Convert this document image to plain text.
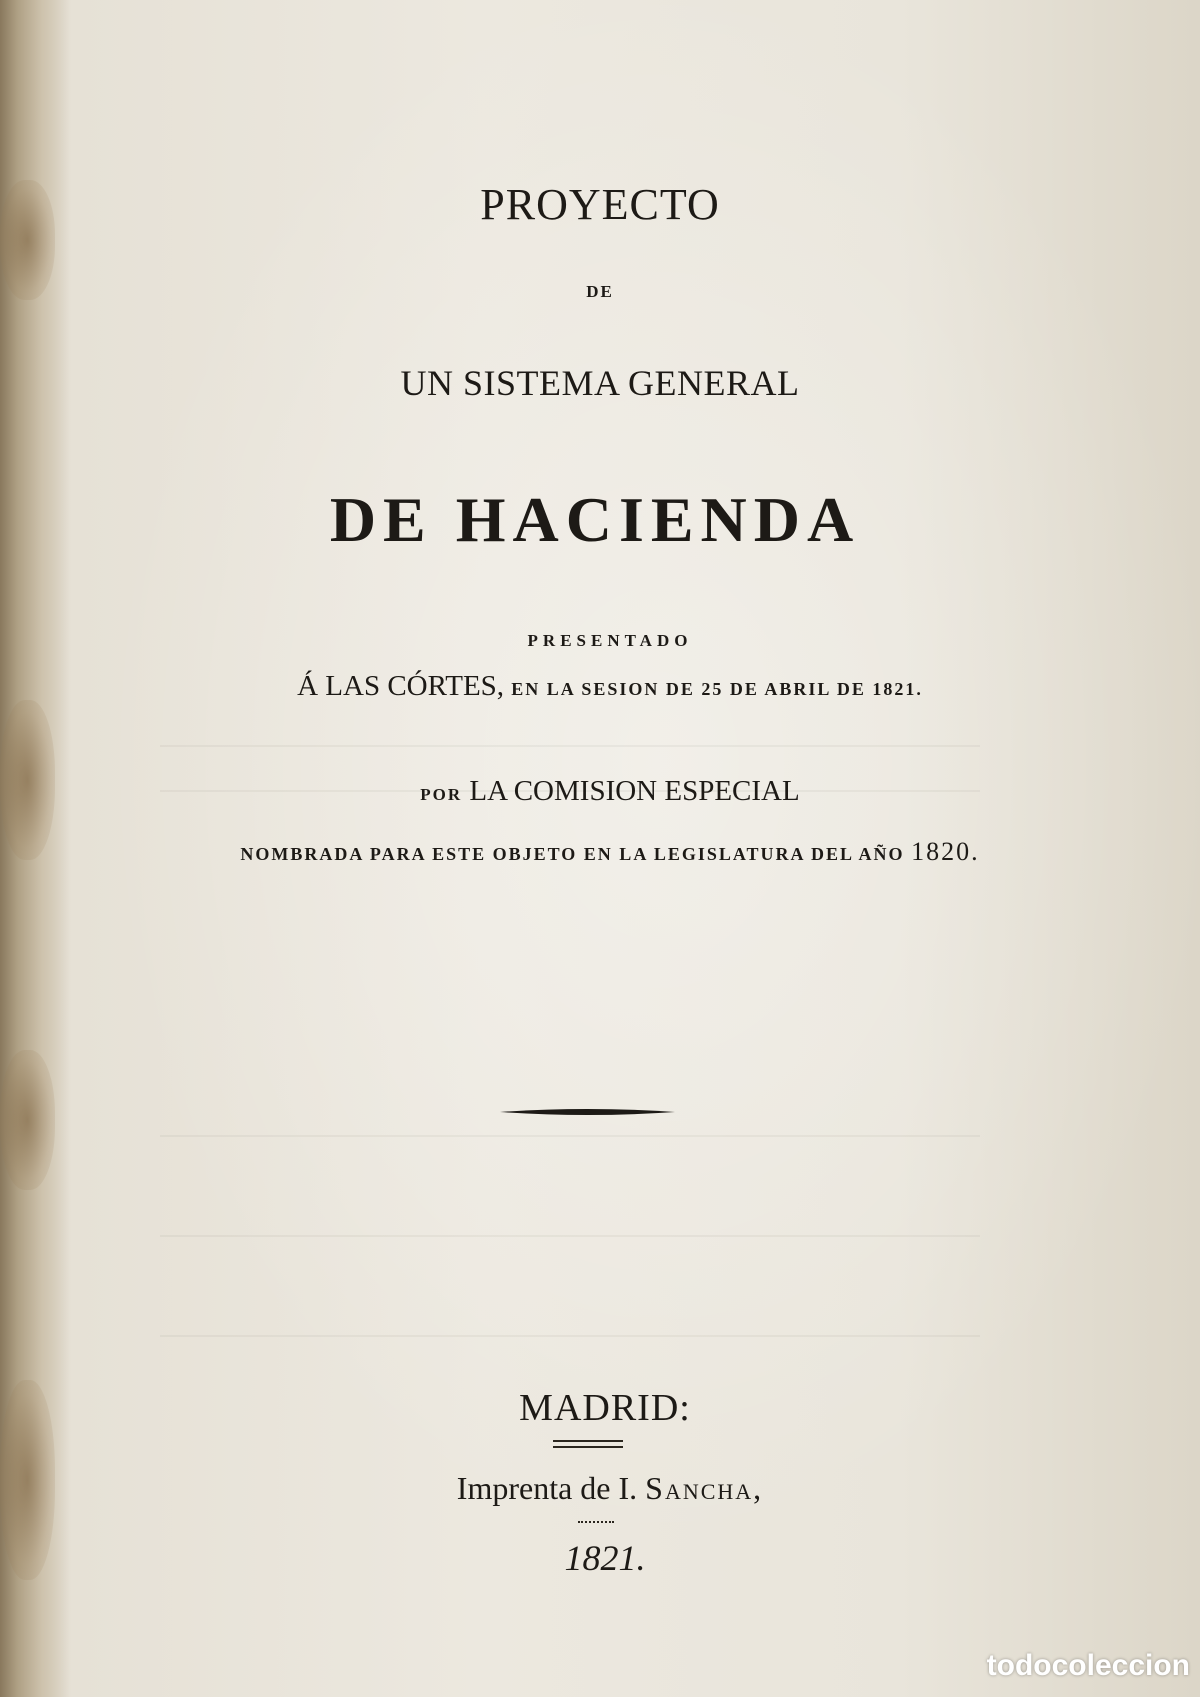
PROYECTO
DE
UN SISTEMA GENERAL
DE HACIENDA
PRESENTADO
Á LAS CÓRTES, EN LA SESION DE 25 DE ABRIL DE 1821.
POR LA COMISION ESPECIAL
NOMBRADA PARA ESTE OBJETO EN LA LEGISLATURA DEL AÑO 1820.
MADRID:
Imprenta de I. Sancha,
1821.
todocoleccion
